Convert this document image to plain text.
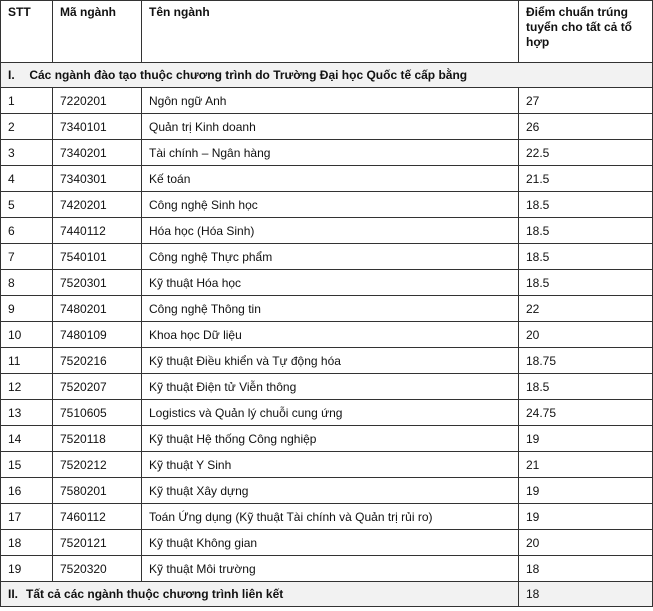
STT	Mã ngành	Tên ngành	Điểm chuẩn trúng tuyển cho tất cả tổ hợp
I. Các ngành đào tạo thuộc chương trình do Trường Đại học Quốc tế cấp bằng			
1	7220201	Ngôn ngữ Anh	27
2	7340101	Quản trị Kinh doanh	26
3	7340201	Tài chính – Ngân hàng	22.5
4	7340301	Kế toán	21.5
5	7420201	Công nghệ Sinh học	18.5
6	7440112	Hóa học (Hóa Sinh)	18.5
7	7540101	Công nghệ Thực phẩm	18.5
8	7520301	Kỹ thuật Hóa học	18.5
9	7480201	Công nghệ Thông tin	22
10	7480109	Khoa học Dữ liệu	20
11	7520216	Kỹ thuật Điều khiển và Tự động hóa	18.75
12	7520207	Kỹ thuật Điện tử Viễn thông	18.5
13	7510605	Logistics và Quản lý chuỗi cung ứng	24.75
14	7520118	Kỹ thuật Hệ thống Công nghiệp	19
15	7520212	Kỹ thuật Y Sinh	21
16	7580201	Kỹ thuật Xây dựng	19
17	7460112	Toán Ứng dụng (Kỹ thuật Tài chính và Quản trị rủi ro)	19
18	7520121	Kỹ thuật Không gian	20
19	7520320	Kỹ thuật Môi trường	18
II. Tất cả các ngành thuộc chương trình liên kết			18
